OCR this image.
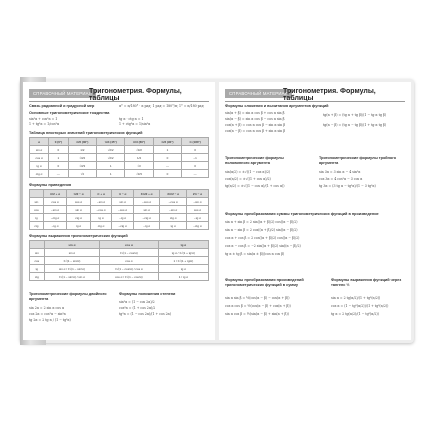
СПРАВОЧНЫЙ МАТЕРИАЛ
Тригонометрия. Формулы, таблицы
Связь радианной и градусной мер	α° = π/180° · α рад; 1 рад = 180°/π; 1° = π/180 рад
Основные тригонометрические тождества
sin²α + cos²α = 1	tg α · ctg α = 1
1 + tg²α = 1/cos²α	1 + ctg²α = 1/sin²α
Таблица некоторых значений тригонометрических функций
α	0 (0°)	π/6 (30°)	π/4 (45°)	π/3 (60°)	π/2 (90°)	π (180°)
sin α	0	1/2	√2/2	√3/2	1	0
cos α	1	√3/2	√2/2	1/2	0	−1
tg α	0	√3/3	1	√3	—	0
ctg α	—	√3	1	√3/3	0	—
Формулы приведения
	π/2 + α	π/2 − α	π + α	π − α	3π/2 + α	3π/2 − α	2π − α
sin	cos α	cos α	−sin α	sin α	−cos α	−cos α	−sin α
cos	−sin α	sin α	−cos α	−cos α	sin α	−sin α	cos α
tg	−ctg α	ctg α	tg α	−tg α	−ctg α	ctg α	−tg α
ctg	−tg α	tg α	ctg α	−ctg α	−tg α	tg α	−ctg α
Формулы выражения тригонометрических функций
	sin α	cos α	tg α
sin	sin α	±√(1 − cos²α)	tg α / ±√(1 + tg²α)
cos	±√(1 − sin²α)	cos α	1 / ±√(1 + tg²α)
tg	sin α / ±√(1 − sin²α)	±√(1 − cos²α) / cos α	tg α
ctg	±√(1 − sin²α) / sin α	cos α / ±√(1 − cos²α)	1 / tg α
Тригонометрические формулы двойного аргумента
sin 2α = 2 sin α cos α
cos 2α = cos²α − sin²α
tg 2α = 2 tg α / (1 − tg²α)
Формулы понижения степени
sin²α = (1 − cos 2α)/2
cos²α = (1 + cos 2α)/2
tg²α = (1 − cos 2α)/(1 + cos 2α)
СПРАВОЧНЫЙ МАТЕРИАЛ
Тригонометрия. Формулы, таблицы
Формулы сложения и вычитания аргументов функций
sin(α + β) = sin α cos β + cos α sin β
sin(α − β) = sin α cos β − cos α sin β
cos(α + β) = cos α cos β − sin α sin β
cos(α − β) = cos α cos β + sin α sin β
tg(α + β) = (tg α + tg β)/(1 − tg α tg β)
tg(α − β) = (tg α − tg β)/(1 + tg α tg β)
Тригонометрические формулы половинного аргумента
sin(α/2) = ±√((1 − cos α)/2)
cos(α/2) = ±√((1 + cos α)/2)
tg(α/2) = ±√((1 − cos α)/(1 + cos α))
Тригонометрические формулы тройного аргумента
sin 3α = 3 sin α − 4 sin³α
cos 3α = 4 cos³α − 3 cos α
tg 3α = (3 tg α − tg³α)/(1 − 3 tg²α)
Формулы преобразования суммы тригонометрических функций в произведение
sin α + sin β = 2 sin((α + β)/2) cos((α − β)/2)
sin α − sin β = 2 cos((α + β)/2) sin((α − β)/2)
cos α + cos β = 2 cos((α + β)/2) cos((α − β)/2)
cos α − cos β = −2 sin((α + β)/2) sin((α − β)/2)
tg α ± tg β = sin(α ± β)/(cos α cos β)
Формулы преобразования произведений тригонометрических функций в сумму
sin α sin β = ½(cos(α − β) − cos(α + β))
cos α cos β = ½(cos(α − β) + cos(α + β))
sin α cos β = ½(sin(α − β) + sin(α + β))
Формулы выражения функций через тангенс ½
sin α = 2 tg(α/2)/(1 + tg²(α/2))
cos α = (1 − tg²(α/2))/(1 + tg²(α/2))
tg α = 2 tg(α/2)/(1 − tg²(α/2))
